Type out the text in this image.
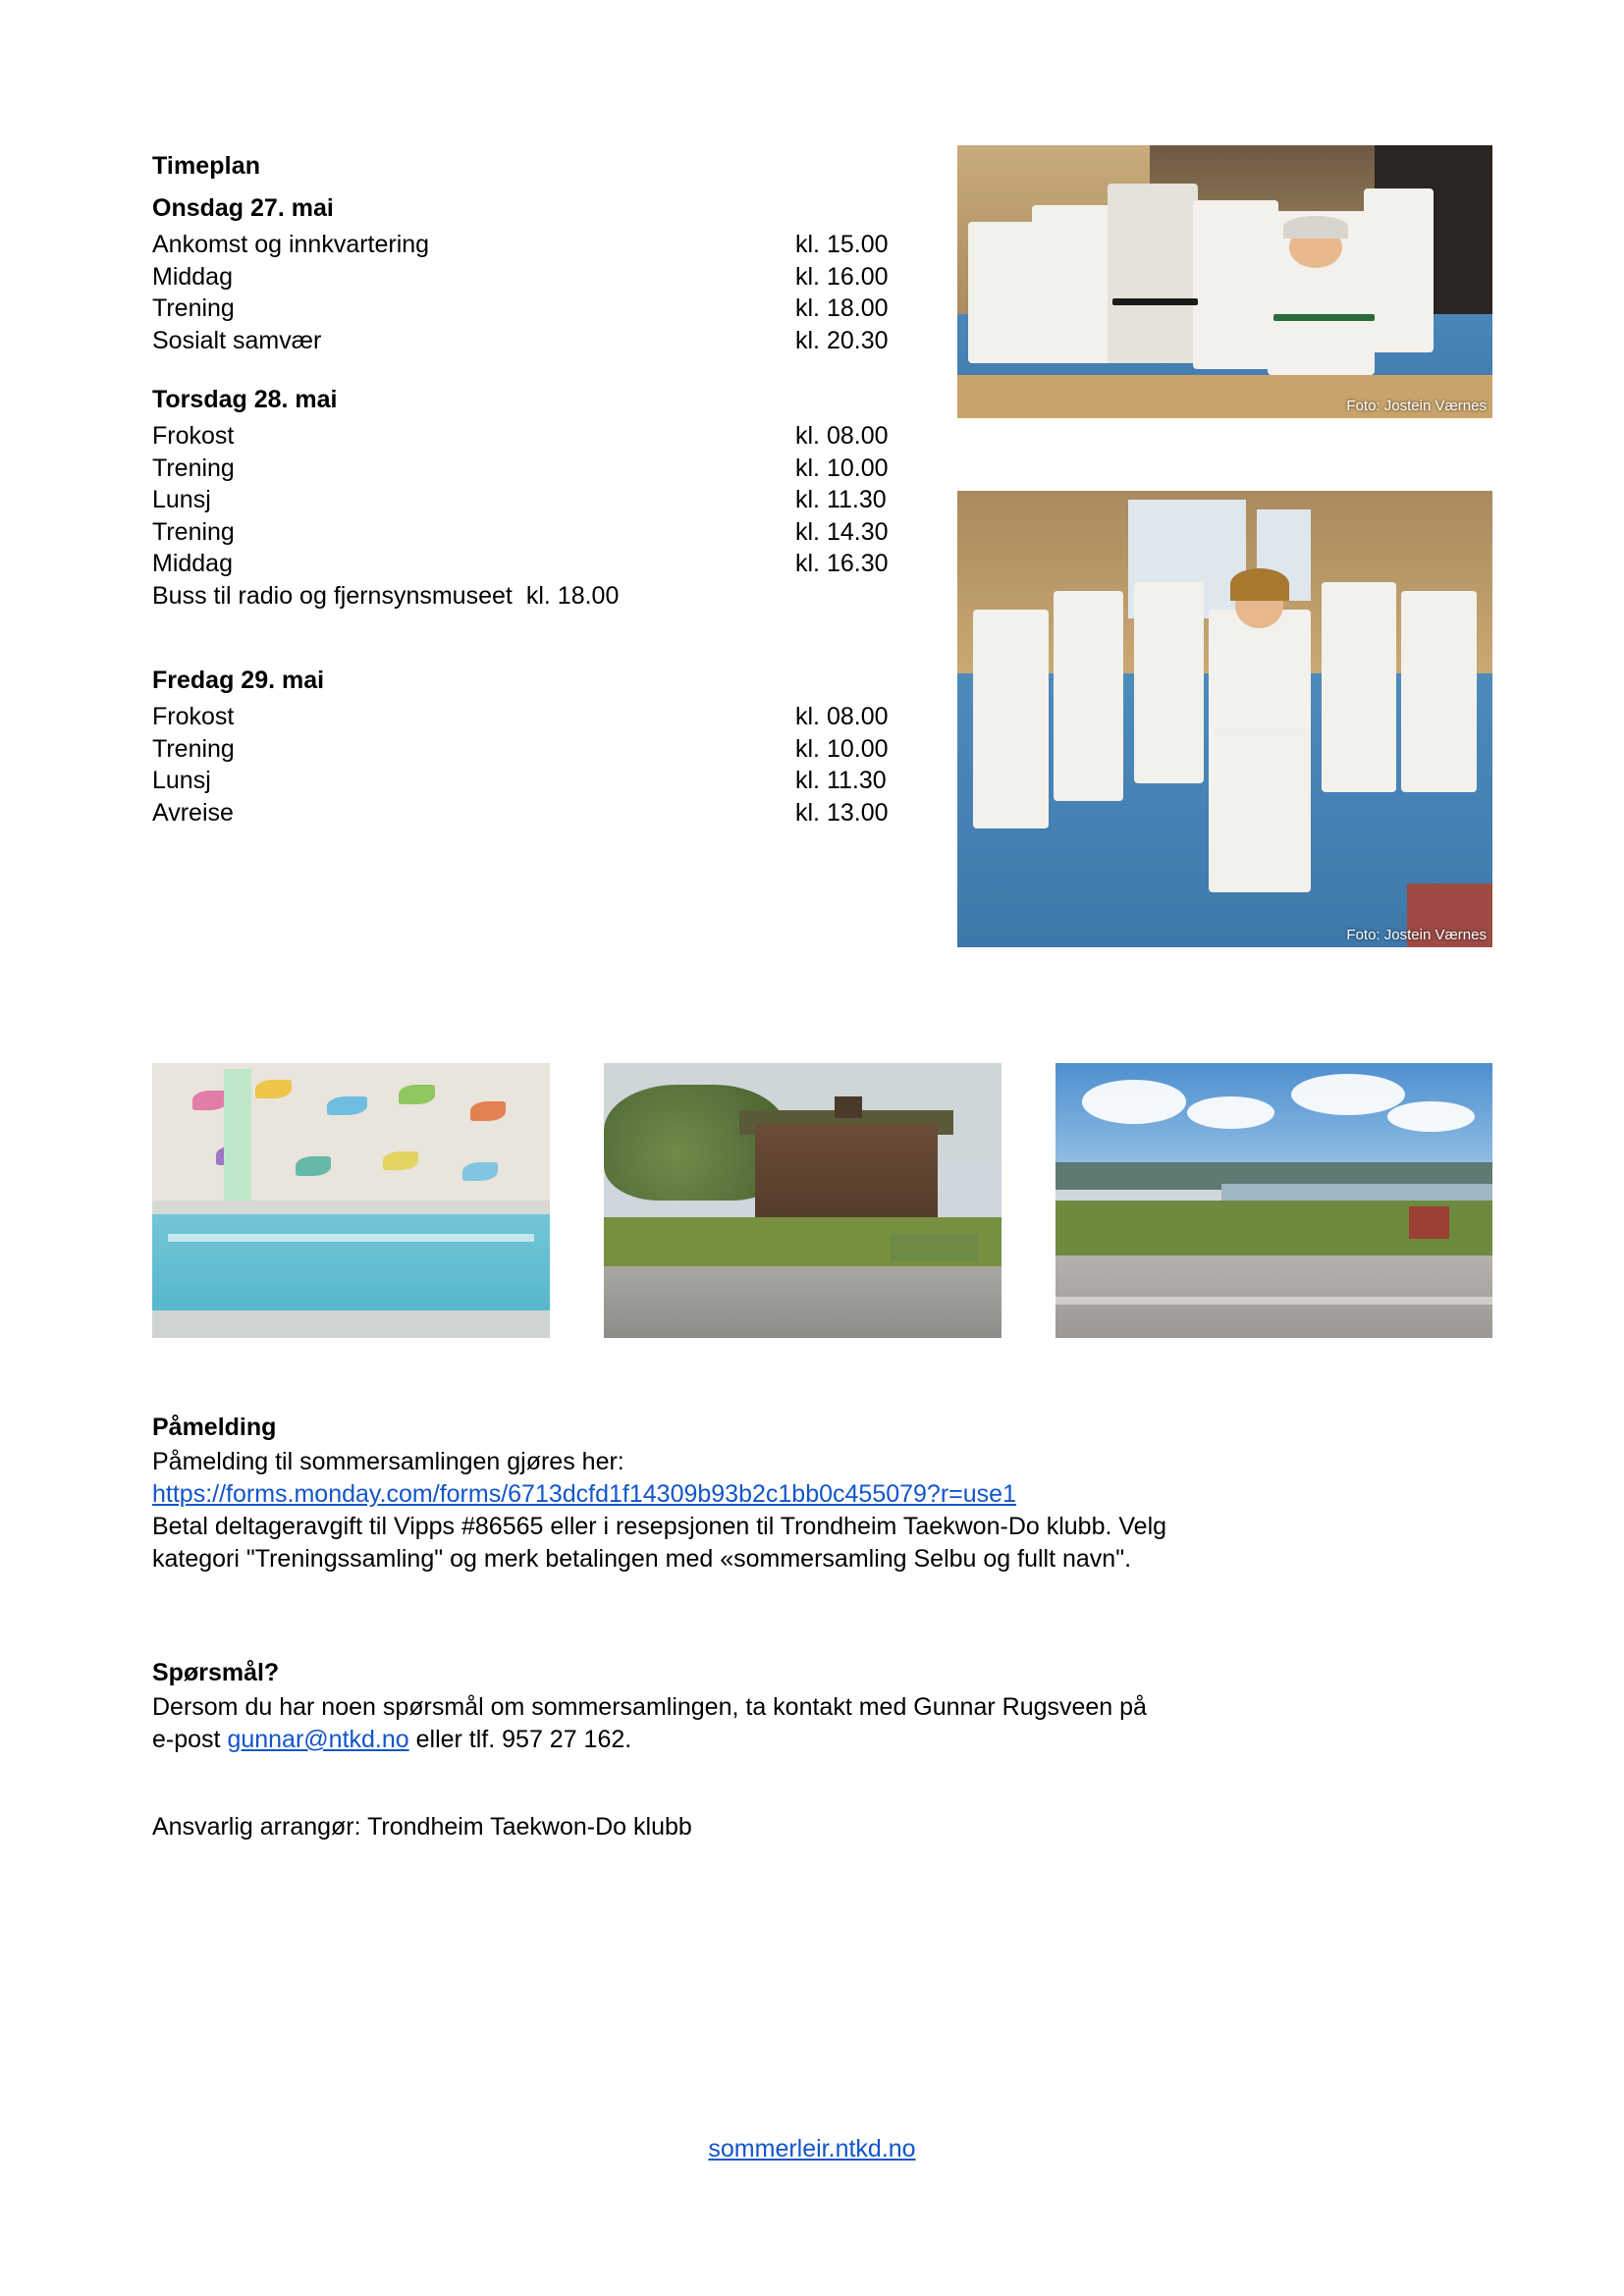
Timeplan
Onsdag 27. mai
Ankomst og innkvartering	kl. 15.00
Middag	kl. 16.00
Trening	kl. 18.00
Sosialt samvær	kl. 20.30
Torsdag 28. mai
Frokost	kl. 08.00
Trening	kl. 10.00
Lunsj	kl. 11.30
Trening	kl. 14.30
Middag	kl. 16.30
Buss til radio og fjernsynsmuseet kl. 18.00
Fredag 29. mai
Frokost	kl. 08.00
Trening	kl. 10.00
Lunsj	kl. 11.30
Avreise	kl. 13.00
Foto: Jostein Værnes
Foto: Jostein Værnes
Påmelding

Påmelding til sommersamlingen gjøres her:

https://forms.monday.com/forms/6713dcfd1f14309b93b2c1bb0c455079?r=use1

Betal deltageravgift til Vipps #86565 eller i resepsjonen til Trondheim Taekwon-Do klubb. Velg

kategori "Treningssamling" og merk betalingen med «sommersamling Selbu og fullt navn".

Spørsmål?

Dersom du har noen spørsmål om sommersamlingen, ta kontakt med Gunnar Rugsveen på

e-post gunnar@ntkd.no eller tlf. 957 27 162.

Ansvarlig arrangør: Trondheim Taekwon-Do klubb

sommerleir.ntkd.no
